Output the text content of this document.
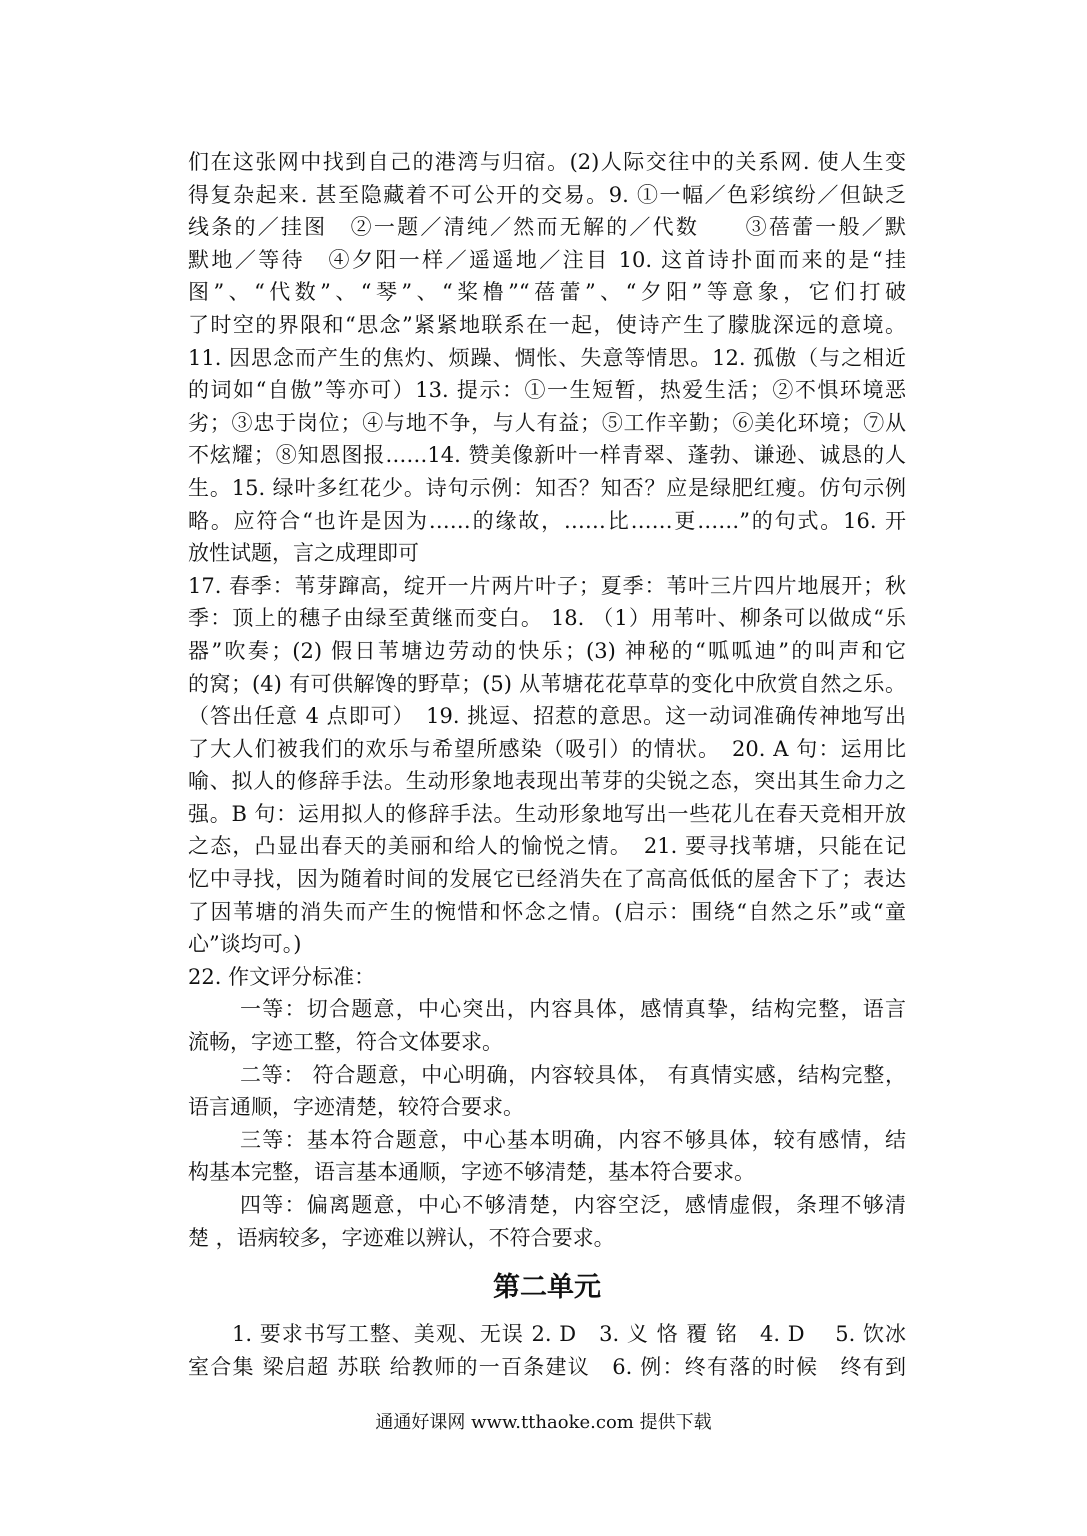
们在这张网中找到自己的港湾与归宿。(2)人际交往中的关系网. 使人生变
得复杂起来. 甚至隐藏着不可公开的交易。9. ①一幅／色彩缤纷／但缺乏
线条的／挂图　②一题／清纯／然而无解的／代数　　③蓓蕾一般／默
默地／等待　④夕阳一样／遥遥地／注目 10. 这首诗扑面而来的是“挂
图”、“代数”、“琴”、“桨橹”“蓓蕾”、“夕阳”等意象，它们打破
了时空的界限和“思念”紧紧地联系在一起，使诗产生了朦胧深远的意境。
11. 因思念而产生的焦灼、烦躁、惆怅、失意等情思。12. 孤傲（与之相近
的词如“自傲”等亦可）13. 提示：①一生短暂，热爱生活；②不惧环境恶
劣；③忠于岗位；④与地不争，与人有益；⑤工作辛勤；⑥美化环境；⑦从
不炫耀；⑧知恩图报……14. 赞美像新叶一样青翠、蓬勃、谦逊、诚恳的人
生。15. 绿叶多红花少。诗句示例：知否？知否？应是绿肥红瘦。仿句示例
略。应符合“也许是因为……的缘故，……比……更……”的句式。16. 开
放性试题，言之成理即可
17. 春季：苇芽蹿高，绽开一片两片叶子；夏季：苇叶三片四片地展开；秋
季：顶上的穗子由绿至黄继而变白。 18. （1）用苇叶、柳条可以做成“乐
器”吹奏；(2) 假日苇塘边劳动的快乐；(3) 神秘的“呱呱迪”的叫声和它
的窝；(4) 有可供解馋的野草；(5) 从苇塘花花草草的变化中欣赏自然之乐。
（答出任意 4 点即可）　19. 挑逗、招惹的意思。这一动词准确传神地写出
了大人们被我们的欢乐与希望所感染（吸引）的情状。　20. A 句：运用比
喻、拟人的修辞手法。生动形象地表现出苇芽的尖锐之态，突出其生命力之
强。B 句：运用拟人的修辞手法。生动形象地写出一些花儿在春天竞相开放
之态，凸显出春天的美丽和给人的愉悦之情。　21. 要寻找苇塘，只能在记
忆中寻找，因为随着时间的发展它已经消失在了高高低低的屋舍下了；表达
了因苇塘的消失而产生的惋惜和怀念之情。(启示：围绕“自然之乐”或“童
心”谈均可。)
22. 作文评分标准：
一等：切合题意，中心突出，内容具体，感情真挚，结构完整，语言
流畅，字迹工整，符合文体要求。
二等： 符合题意，中心明确，内容较具体， 有真情实感，结构完整，
语言通顺，字迹清楚，较符合要求。
三等：基本符合题意，中心基本明确，内容不够具体，较有感情，结
构基本完整，语言基本通顺，字迹不够清楚，基本符合要求。
四等：偏离题意，中心不够清楚，内容空泛，感情虚假，条理不够清
楚 ，语病较多，字迹难以辨认，不符合要求。
第二单元
1. 要求书写工整、美观、无误 2. D　3. 义 恪 覆 铭　4. D　 5. 饮冰
室合集 梁启超 苏联 给教师的一百条建议　6. 例：终有落的时候　终有到
通通好课网 www.tthaoke.com 提供下载
